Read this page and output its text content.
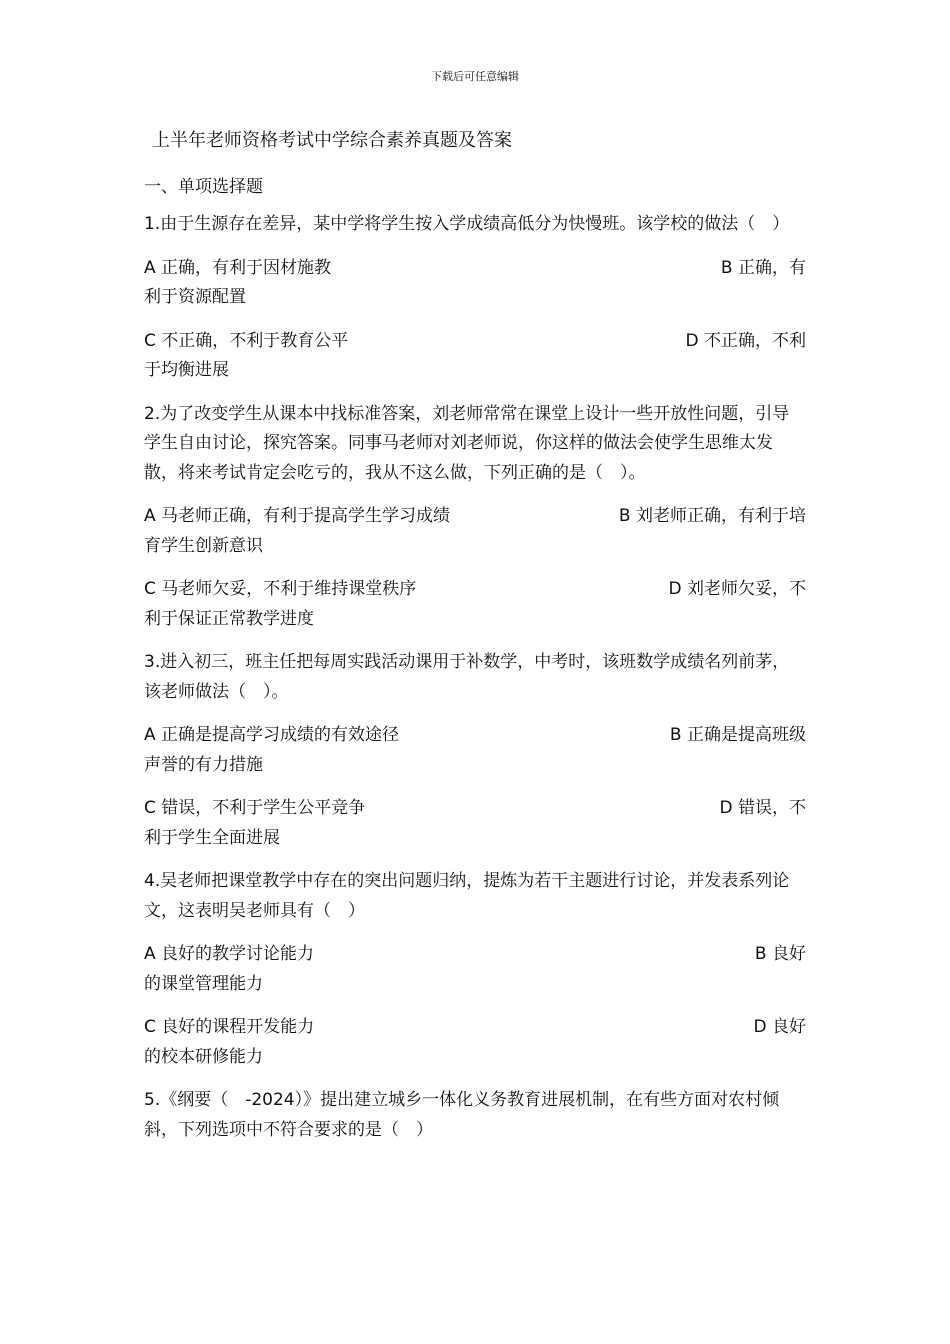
下载后可任意编辑
上半年老师资格考试中学综合素养真题及答案
一、单项选择题
1.由于生源存在差异，某中学将学生按入学成绩高低分为快慢班。该学校的做法（　）
A 正确，有利于因材施教	B 正确，有
利于资源配置
C 不正确，不利于教育公平	D 不正确，不利
于均衡进展
2.为了改变学生从课本中找标准答案，刘老师常常在课堂上设计一些开放性问题，引导学生自由讨论，探究答案。同事马老师对刘老师说，你这样的做法会使学生思维太发散，将来考试肯定会吃亏的，我从不这么做，下列正确的是（　）。
A 马老师正确，有利于提高学生学习成绩	B 刘老师正确，有利于培
育学生创新意识
C 马老师欠妥，不利于维持课堂秩序	D 刘老师欠妥，不
利于保证正常教学进度
3.进入初三，班主任把每周实践活动课用于补数学，中考时，该班数学成绩名列前茅，该老师做法（　）。
A 正确是提高学习成绩的有效途径	B 正确是提高班级
声誉的有力措施
C 错误，不利于学生公平竞争	D 错误，不
利于学生全面进展
4.吴老师把课堂教学中存在的突出问题归纳，提炼为若干主题进行讨论，并发表系列论文，这表明吴老师具有（　）
A 良好的教学讨论能力	B 良好
的课堂管理能力
C 良好的课程开发能力	D 良好
的校本研修能力
5.《纲要（　-2024）》提出建立城乡一体化义务教育进展机制，在有些方面对农村倾斜，下列选项中不符合要求的是（　）
